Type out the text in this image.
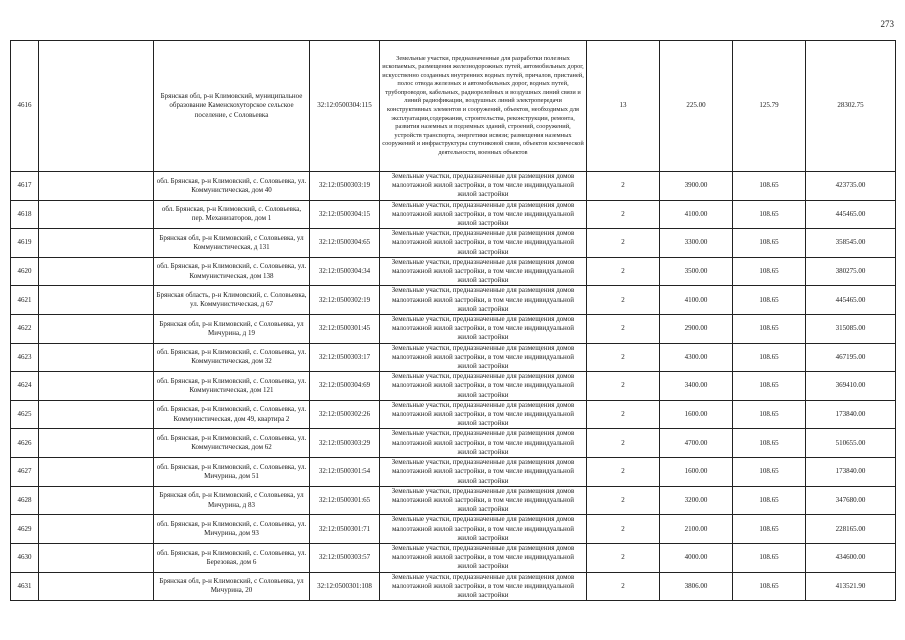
273
4616		Брянская обл, р-н Климовский, муниципальное образование Каменскохуторское сельское поселение, с Соловьевка	32:12:0500304:115	Земельные участки, предназначенные для разработки полезных ископаемых, размещения железнодорожных путей, автомобильных дорог, искусственно созданных внутренних водных путей, причалов, пристаней, полос отвода железных и автомобильных дорог, водных путей, трубопроводов, кабельных, радиорелейных и воздушных линий связи и линий радиофикации, воздушных линий электропередачи конструктивных элементов и сооружений, объектов, необходимых для эксплуатации,содержания, строительства, реконструкции, ремонта, развития наземных и подземных зданий, строений, сооружений, устройств транспорта, энергетики исвязи; размещения наземных сооружений и инфраструктуры спутниковой связи, объектов космической деятельности, военных объектов	13	225.00	125.79	28302.75
4617		обл. Брянская, р-н Климовский, с. Соловьевка, ул. Коммунистическая, дом 40	32:12:0500303:19	Земельные участки, предназначенные для размещения домов малоэтажной жилой застройки, в том числе индивидуальной жилой застройки	2	3900.00	108.65	423735.00
4618		обл. Брянская, р-н Климовский, с. Соловьевка, пер. Механизаторов, дом 1	32:12:0500304:15	Земельные участки, предназначенные для размещения домов малоэтажной жилой застройки, в том числе индивидуальной жилой застройки	2	4100.00	108.65	445465.00
4619		Брянская обл, р-н Климовский, с Соловьевка, ул Коммунистическая, д 131	32:12:0500304:65	Земельные участки, предназначенные для размещения домов малоэтажной жилой застройки, в том числе индивидуальной жилой застройки	2	3300.00	108.65	358545.00
4620		обл. Брянская, р-н Климовский, с. Соловьевка, ул. Коммунистическая, дом 138	32:12:0500304:34	Земельные участки, предназначенные для размещения домов малоэтажной жилой застройки, в том числе индивидуальной жилой застройки	2	3500.00	108.65	380275.00
4621		Брянская область, р-н Климовский, с. Соловьевка, ул. Коммунистическая, д 67	32:12:0500302:19	Земельные участки, предназначенные для размещения домов малоэтажной жилой застройки, в том числе индивидуальной жилой застройки	2	4100.00	108.65	445465.00
4622		Брянская обл, р-н Климовский, с Соловьевка, ул Мичурина, д 19	32:12:0500301:45	Земельные участки, предназначенные для размещения домов малоэтажной жилой застройки, в том числе индивидуальной жилой застройки	2	2900.00	108.65	315085.00
4623		обл. Брянская, р-н Климовский, с. Соловьевка, ул. Коммунистическая, дом 32	32:12:0500303:17	Земельные участки, предназначенные для размещения домов малоэтажной жилой застройки, в том числе индивидуальной жилой застройки	2	4300.00	108.65	467195.00
4624		обл. Брянская, р-н Климовский, с. Соловьевка, ул. Коммунистическая, дом 121	32:12:0500304:69	Земельные участки, предназначенные для размещения домов малоэтажной жилой застройки, в том числе индивидуальной жилой застройки	2	3400.00	108.65	369410.00
4625		обл. Брянская, р-н Климовский, с. Соловьевка, ул. Коммунистическая, дом 49, квартира 2	32:12:0500302:26	Земельные участки, предназначенные для размещения домов малоэтажной жилой застройки, в том числе индивидуальной жилой застройки	2	1600.00	108.65	173840.00
4626		обл. Брянская, р-н Климовский, с. Соловьевка, ул. Коммунистическая, дом 62	32:12:0500303:29	Земельные участки, предназначенные для размещения домов малоэтажной жилой застройки, в том числе индивидуальной жилой застройки	2	4700.00	108.65	510655.00
4627		обл. Брянская, р-н Климовский, с. Соловьевка, ул. Мичурина, дом 51	32:12:0500301:54	Земельные участки, предназначенные для размещения домов малоэтажной жилой застройки, в том числе индивидуальной жилой застройки	2	1600.00	108.65	173840.00
4628		Брянская обл, р-н Климовский, с Соловьевка, ул Мичурина, д 83	32:12:0500301:65	Земельные участки, предназначенные для размещения домов малоэтажной жилой застройки, в том числе индивидуальной жилой застройки	2	3200.00	108.65	347680.00
4629		обл. Брянская, р-н Климовский, с. Соловьевка, ул. Мичурина, дом 93	32:12:0500301:71	Земельные участки, предназначенные для размещения домов малоэтажной жилой застройки, в том числе индивидуальной жилой застройки	2	2100.00	108.65	228165.00
4630		обл. Брянская, р-н Климовский, с. Соловьевка, ул. Березовая, дом 6	32:12:0500303:57	Земельные участки, предназначенные для размещения домов малоэтажной жилой застройки, в том числе индивидуальной жилой застройки	2	4000.00	108.65	434600.00
4631		Брянская обл, р-н Климовский, с Соловьевка, ул Мичурина, 20	32:12:0500301:108	Земельные участки, предназначенные для размещения домов малоэтажной жилой застройки, в том числе индивидуальной жилой застройки	2	3806.00	108.65	413521.90
